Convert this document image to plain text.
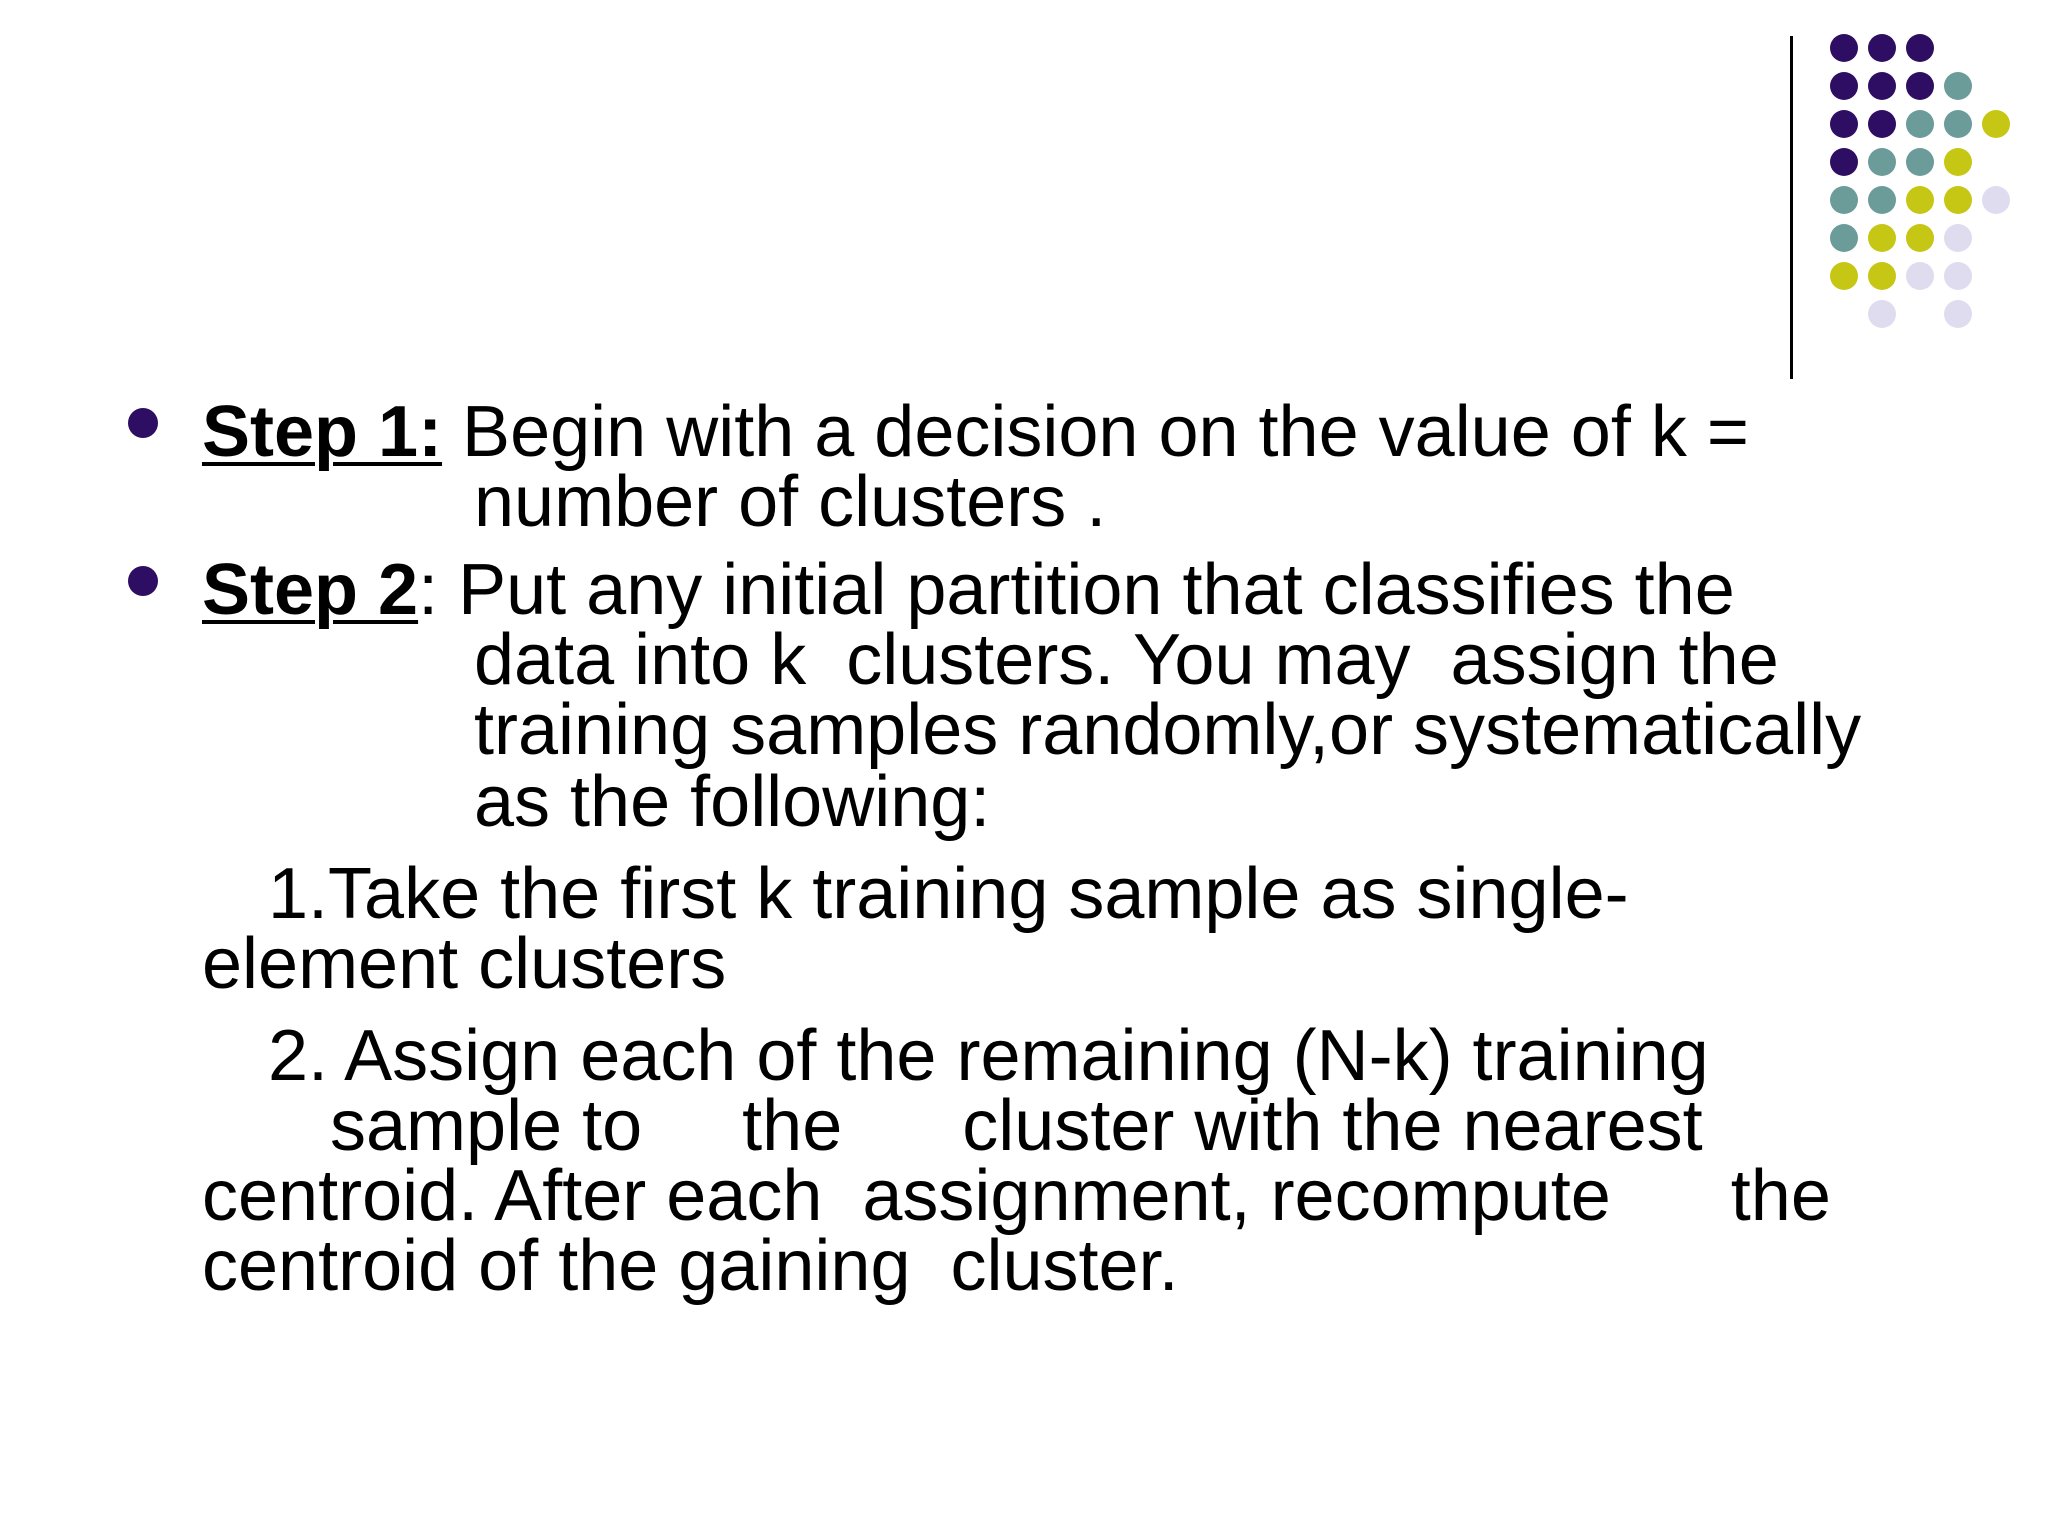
Step 1: Begin with a decision on the value of k =
number of clusters .
Step 2: Put any initial partition that classifies the
data into k  clusters. You may  assign the
training samples randomly,or systematically
as the following:
1.Take the first k training sample as single-
element clusters
2. Assign each of the remaining (N-k) training
sample to     the      cluster with the nearest
centroid. After each  assignment, recompute      the
centroid of the gaining  cluster.
